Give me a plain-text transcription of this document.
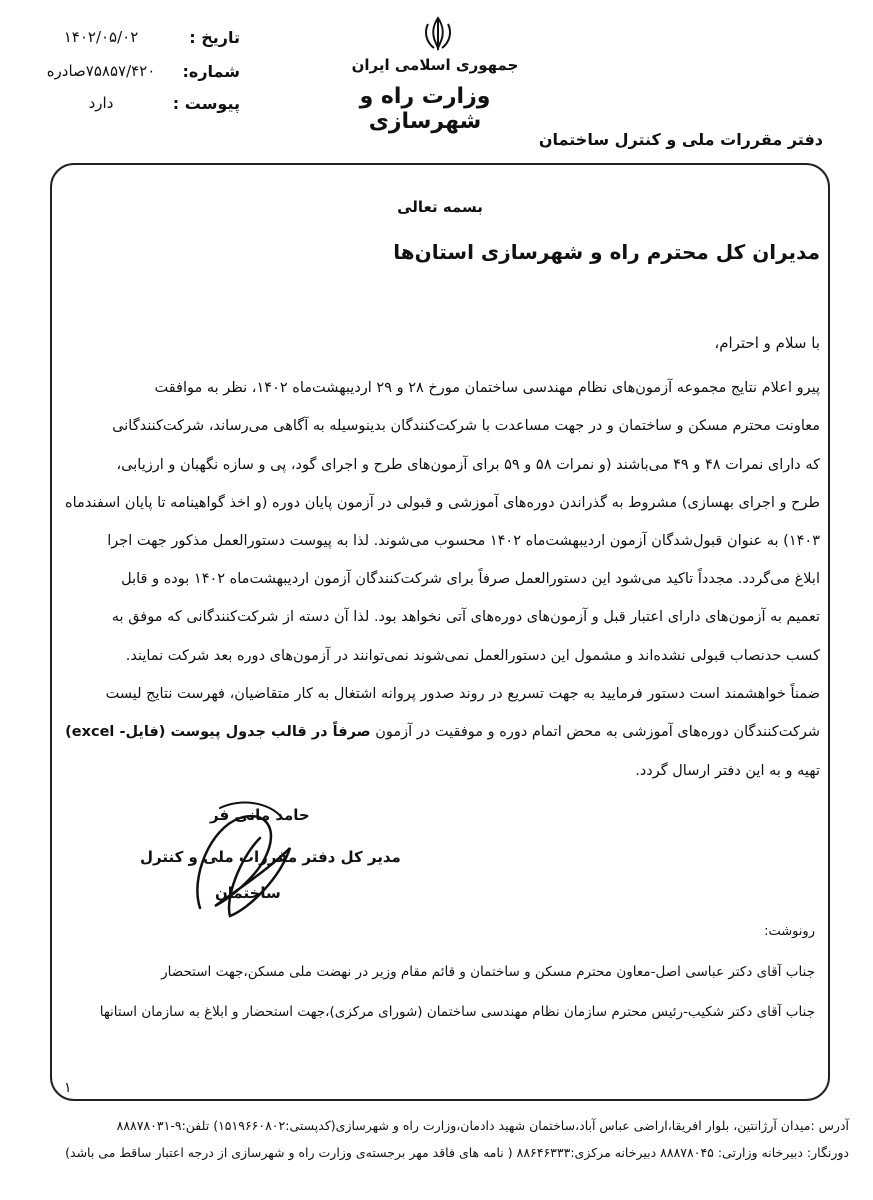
تاریخ :
۱۴۰۲/۰۵/۰۲
شماره:
۷۵۸۵۷/۴۲۰صادره
پیوست :
دارد
جمهوری اسلامی ایران
وزارت راه و شهرسازی
دفتر مقررات ملی و کنترل ساختمان
بسمه تعالی
مدیران کل محترم راه و شهرسازی استان‌ها
با سلام و احترام،
پیرو اعلام نتایج مجموعه آزمون‌های نظام مهندسی ساختمان مورخ ۲۸ و ۲۹ اردیبهشت‌ماه ۱۴۰۲، نظر به موافقت
معاونت محترم مسکن و ساختمان و در جهت مساعدت با شرکت‌کنندگان بدینوسیله به آگاهی می‌رساند، شرکت‌کنندگانی
که دارای نمرات ۴۸ و ۴۹ می‌باشند (و نمرات ۵۸ و ۵۹ برای آزمون‌های طرح و اجرای گود، پی و سازه نگهبان و ارزیابی،
طرح و اجرای بهسازی) مشروط به گذراندن دوره‌های آموزشی و قبولی در آزمون پایان دوره (و اخذ گواهینامه تا پایان اسفندماه
۱۴۰۳) به عنوان قبول‌شدگان آزمون اردیبهشت‌ماه ۱۴۰۲ محسوب می‌شوند. لذا به پیوست دستورالعمل مذکور جهت اجرا
ابلاغ می‌گردد. مجدداً تاکید می‌شود این دستورالعمل صرفاً برای شرکت‌کنندگان آزمون اردیبهشت‌ماه ۱۴۰۲ بوده و قابل
تعمیم به آزمون‌های دارای اعتبار قبل و آزمون‌های دوره‌های آتی نخواهد بود. لذا آن دسته از شرکت‌کنندگانی که موفق به
کسب حدنصاب قبولی نشده‌اند و مشمول این دستورالعمل نمی‌شوند نمی‌توانند در آزمون‌های دوره بعد شرکت نمایند.
ضمناً خواهشمند است دستور فرمایید به جهت تسریع در روند صدور پروانه اشتغال به کار متقاضیان، فهرست نتایج لیست
شرکت‌کنندگان دوره‌های آموزشی به محض اتمام دوره و موفقیت در آزمون صرفاً در قالب جدول پیوست (فایل- excel)
تهیه و به این دفتر ارسال گردد.
حامد مانی فر
مدیر کل دفتر مقررات ملی و کنترل
ساختمان
رونوشت:
جناب آقای دکتر عباسی اصل-معاون محترم مسکن و ساختمان و قائم مقام وزیر در نهضت ملی مسکن،جهت استحضار
جناب آقای دکتر شکیب-رئیس محترم سازمان نظام مهندسی ساختمان (شورای مرکزی)،جهت استحضار و ابلاغ به سازمان استانها
۱
آدرس :میدان آرژانتین، بلوار افریقا،اراضی عباس آباد،ساختمان شهید دادمان،وزارت راه و شهرسازی(کدپستی:۱۵۱۹۶۶۰۸۰۲) تلفن:۹-۸۸۸۷۸۰۳۱
دورنگار: دبیرخانه وزارتی: ۸۸۸۷۸۰۴۵ دبیرخانه مرکزی:۸۸۶۴۶۳۳۳ ( نامه های فاقد مهر برجسته‌ی وزارت راه و شهرسازی از درجه اعتبار ساقط می باشد)
